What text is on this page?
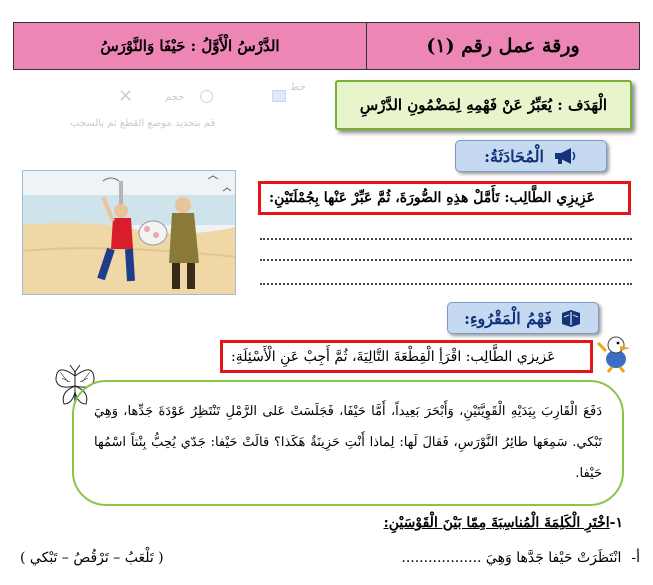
خط
حجم
✕
قم بتحديد موضع القطع ثم بالسحب
الدَّرْسُ الْأَوَّلُ : حَيْفَا وَالنَّوْرَسُ	ورقة عمل رقم (١)
الْهَدَف : يُعَبِّرُ عَنْ فَهْمِهِ لِمَضْمُونِ الدَّرْسِ
الْمُحَادَثَةُ:
عَزِيزِي الطَّالِب: تَأَمَّلْ هذِهِ الصُّورَةَ، ثُمَّ عَبِّرْ عَنْها بِجُمْلَتَيْنِ:
فَهْمُ الْمَقْرُوءِ:
عَزيزي الطَّالِب: اقْرَأِ الْقِطْعَةَ التَّالِيَةَ، ثُمَّ أَجِبْ عَنِ الْأَسْئِلَةِ:
دَفَعَ الْقَارِبَ بِيَدَيْهِ الْقَوِيَّتَيْنِ، وَأَبْحَرَ بَعِيداً، أَمَّا حَيْفَا، فَجَلَسَتْ عَلى الرَّمْلِ تَنْتَظِرُ عَوْدَةَ جَدِّها، وَهِيَ تَبْكي. سَمِعَها طائِرُ النَّوْرَسِ، فَقالَ لَها: لِماذا أَنْتِ حَزِينَةٌ هَكَذا؟ قالَتْ حَيْفا: جَدّي يُحِبُّ بِنْتاً اسْمُها حَيْفا.
١-اخْتَرِ الْكَلِمَةَ الْمُناسِبَةَ مِمّا بَيْنَ الْقَوْسَيْنِ:
أ-
انْتَظَرَتْ حَيْفا جَدَّها وَهِيَ ..................
( تَلْعَبُ – تَرْقُصُ – تَبْكي )
